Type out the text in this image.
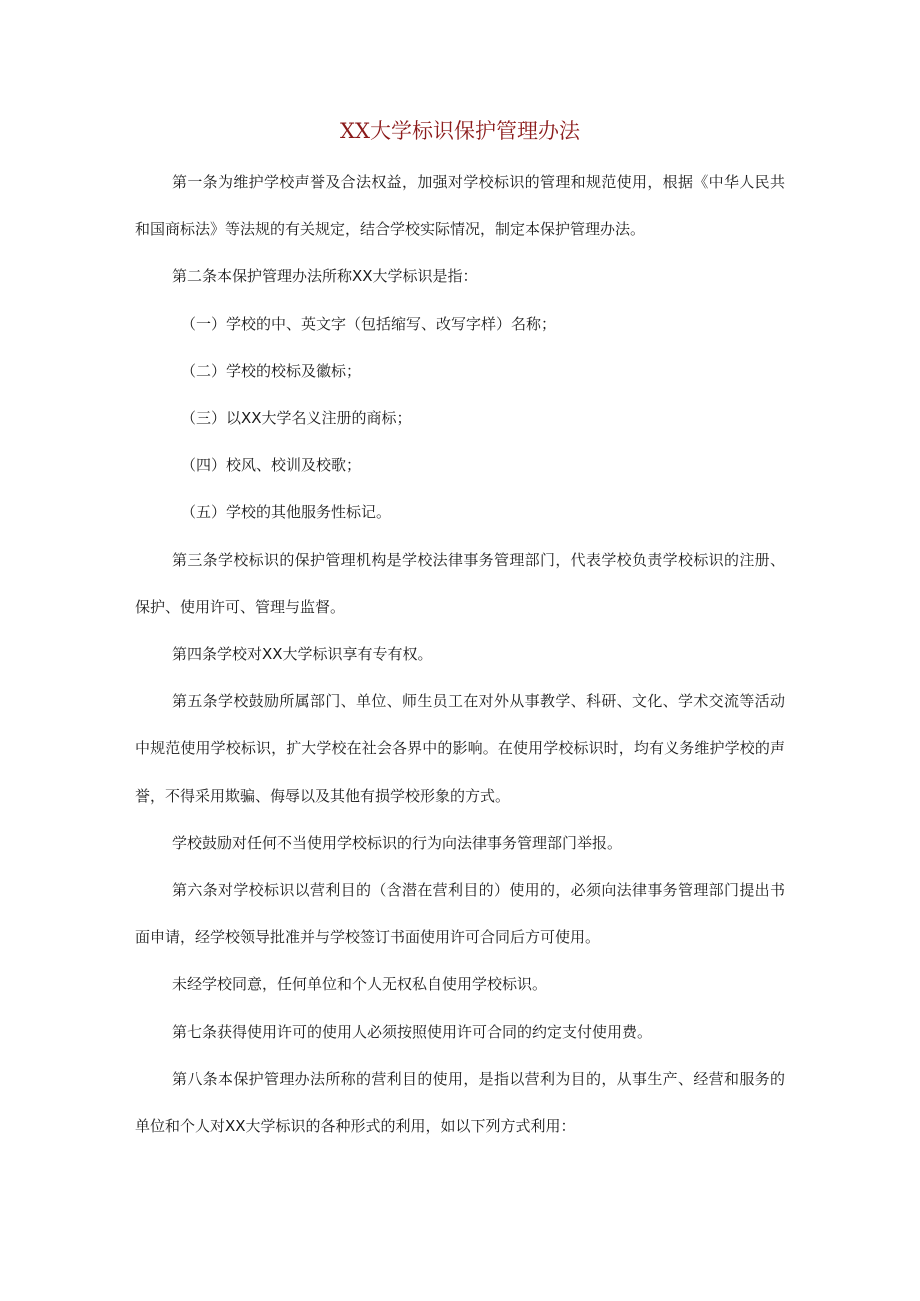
XX大学标识保护管理办法

第一条为维护学校声誉及合法权益，加强对学校标识的管理和规范使用，根据《中华人民共和国商标法》等法规的有关规定，结合学校实际情况，制定本保护管理办法。

第二条本保护管理办法所称XX大学标识是指：

（一）学校的中、英文字（包括缩写、改写字样）名称；

（二）学校的校标及徽标；

（三）以XX大学名义注册的商标；

（四）校风、校训及校歌；

（五）学校的其他服务性标记。

第三条学校标识的保护管理机构是学校法律事务管理部门，代表学校负责学校标识的注册、保护、使用许可、管理与监督。

第四条学校对XX大学标识享有专有权。

第五条学校鼓励所属部门、单位、师生员工在对外从事教学、科研、文化、学术交流等活动中规范使用学校标识，扩大学校在社会各界中的影响。在使用学校标识时，均有义务维护学校的声誉，不得采用欺骗、侮辱以及其他有损学校形象的方式。

学校鼓励对任何不当使用学校标识的行为向法律事务管理部门举报。

第六条对学校标识以营利目的（含潜在营利目的）使用的，必须向法律事务管理部门提出书面申请，经学校领导批准并与学校签订书面使用许可合同后方可使用。

未经学校同意，任何单位和个人无权私自使用学校标识。

第七条获得使用许可的使用人必须按照使用许可合同的约定支付使用费。

第八条本保护管理办法所称的营利目的使用，是指以营利为目的，从事生产、经营和服务的单位和个人对XX大学标识的各种形式的利用，如以下列方式利用：
